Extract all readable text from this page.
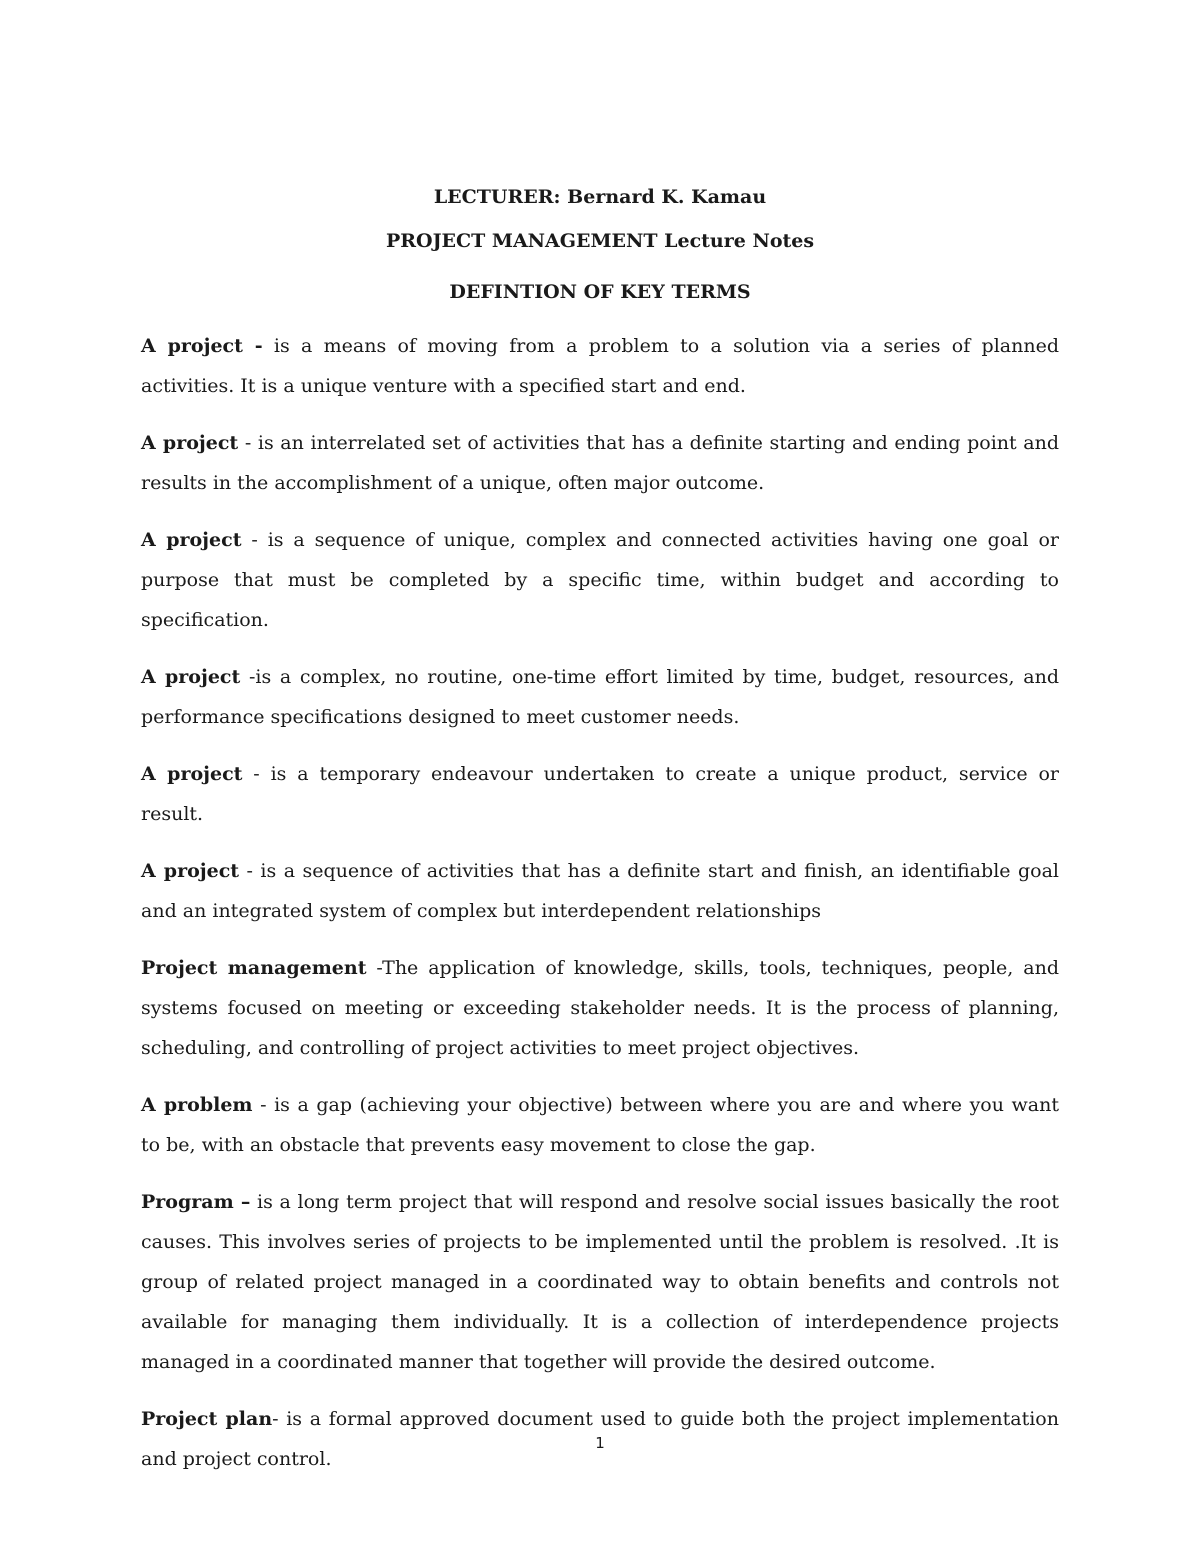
LECTURER: Bernard K. Kamau
PROJECT MANAGEMENT Lecture Notes
DEFINTION OF KEY TERMS

A project - is a means of moving from a problem to a solution via a series of planned activities. It is a unique venture with a specified start and end.

A project - is an interrelated set of activities that has a definite starting and ending point and results in the accomplishment of a unique, often major outcome.

A project - is a sequence of unique, complex and connected activities having one goal or purpose that must be completed by a specific time, within budget and according to specification.

A project -is a complex, no routine, one-time effort limited by time, budget, resources, and performance specifications designed to meet customer needs.

A project - is a temporary endeavour undertaken to create a unique product, service or result.

A project - is a sequence of activities that has a definite start and finish, an identifiable goal and an integrated system of complex but interdependent relationships

Project management -The application of knowledge, skills, tools, techniques, people, and systems focused on meeting or exceeding stakeholder needs. It is the process of planning, scheduling, and controlling of project activities to meet project objectives.

A problem - is a gap (achieving your objective) between where you are and where you want to be, with an obstacle that prevents easy movement to close the gap.

Program – is a long term project that will respond and resolve social issues basically the root causes. This involves series of projects to be implemented until the problem is resolved. .It is group of related project managed in a coordinated way to obtain benefits and controls not available for managing them individually. It is a collection of interdependence projects managed in a coordinated manner that together will provide the desired outcome.

Project plan- is a formal approved document used to guide both the project implementation and project control.

1
